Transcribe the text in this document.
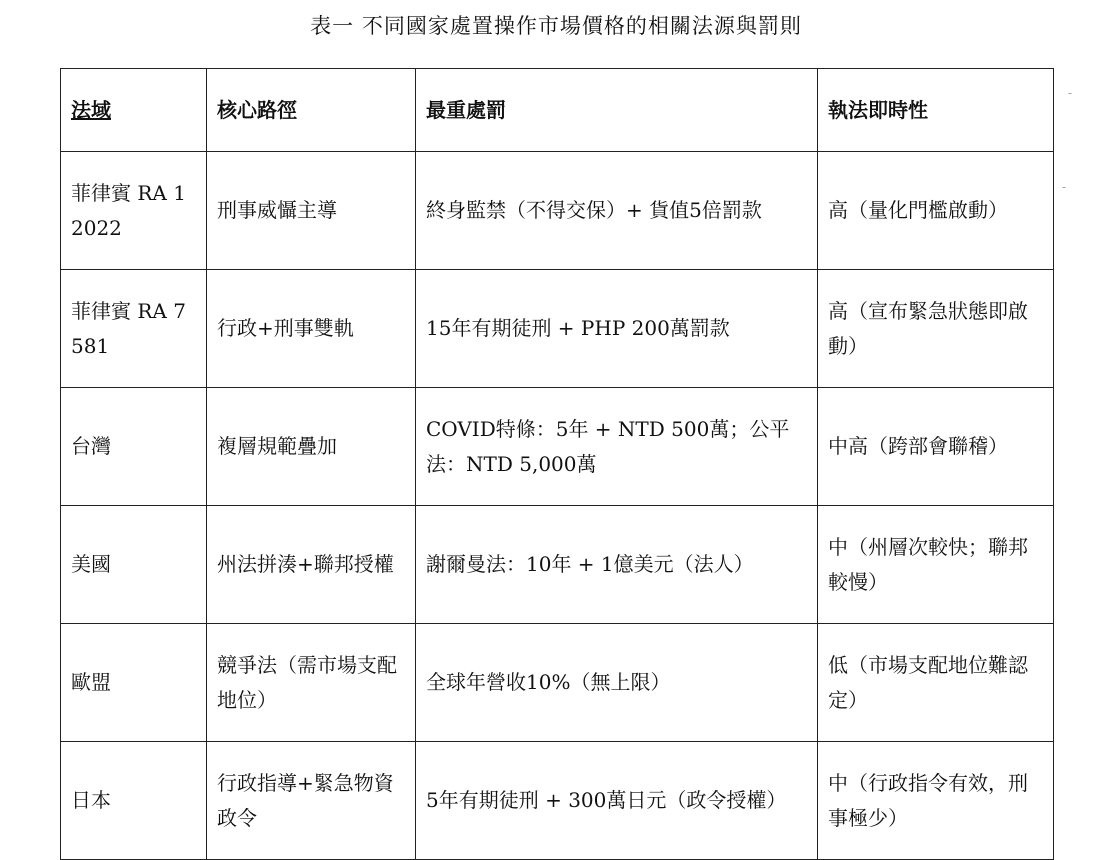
表一 不同國家處置操作市場價格的相關法源與罰則
法域	核心路徑	最重處罰	執法即時性
菲律賓 RA 12022	刑事威懾主導	終身監禁（不得交保）+ 貨值5倍罰款	高（量化門檻啟動）
菲律賓 RA 7581	行政+刑事雙軌	15年有期徒刑 + PHP 200萬罰款	高（宣布緊急狀態即啟動）
台灣	複層規範疊加	COVID特條：5年 + NTD 500萬；公平法：NTD 5,000萬	中高（跨部會聯稽）
美國	州法拼湊+聯邦授權	謝爾曼法：10年 + 1億美元（法人）	中（州層次較快；聯邦較慢）
歐盟	競爭法（需市場支配地位）	全球年營收10%（無上限）	低（市場支配地位難認定）
日本	行政指導+緊急物資政令	5年有期徒刑 + 300萬日元（政令授權）	中（行政指令有效，刑事極少）
-
-
